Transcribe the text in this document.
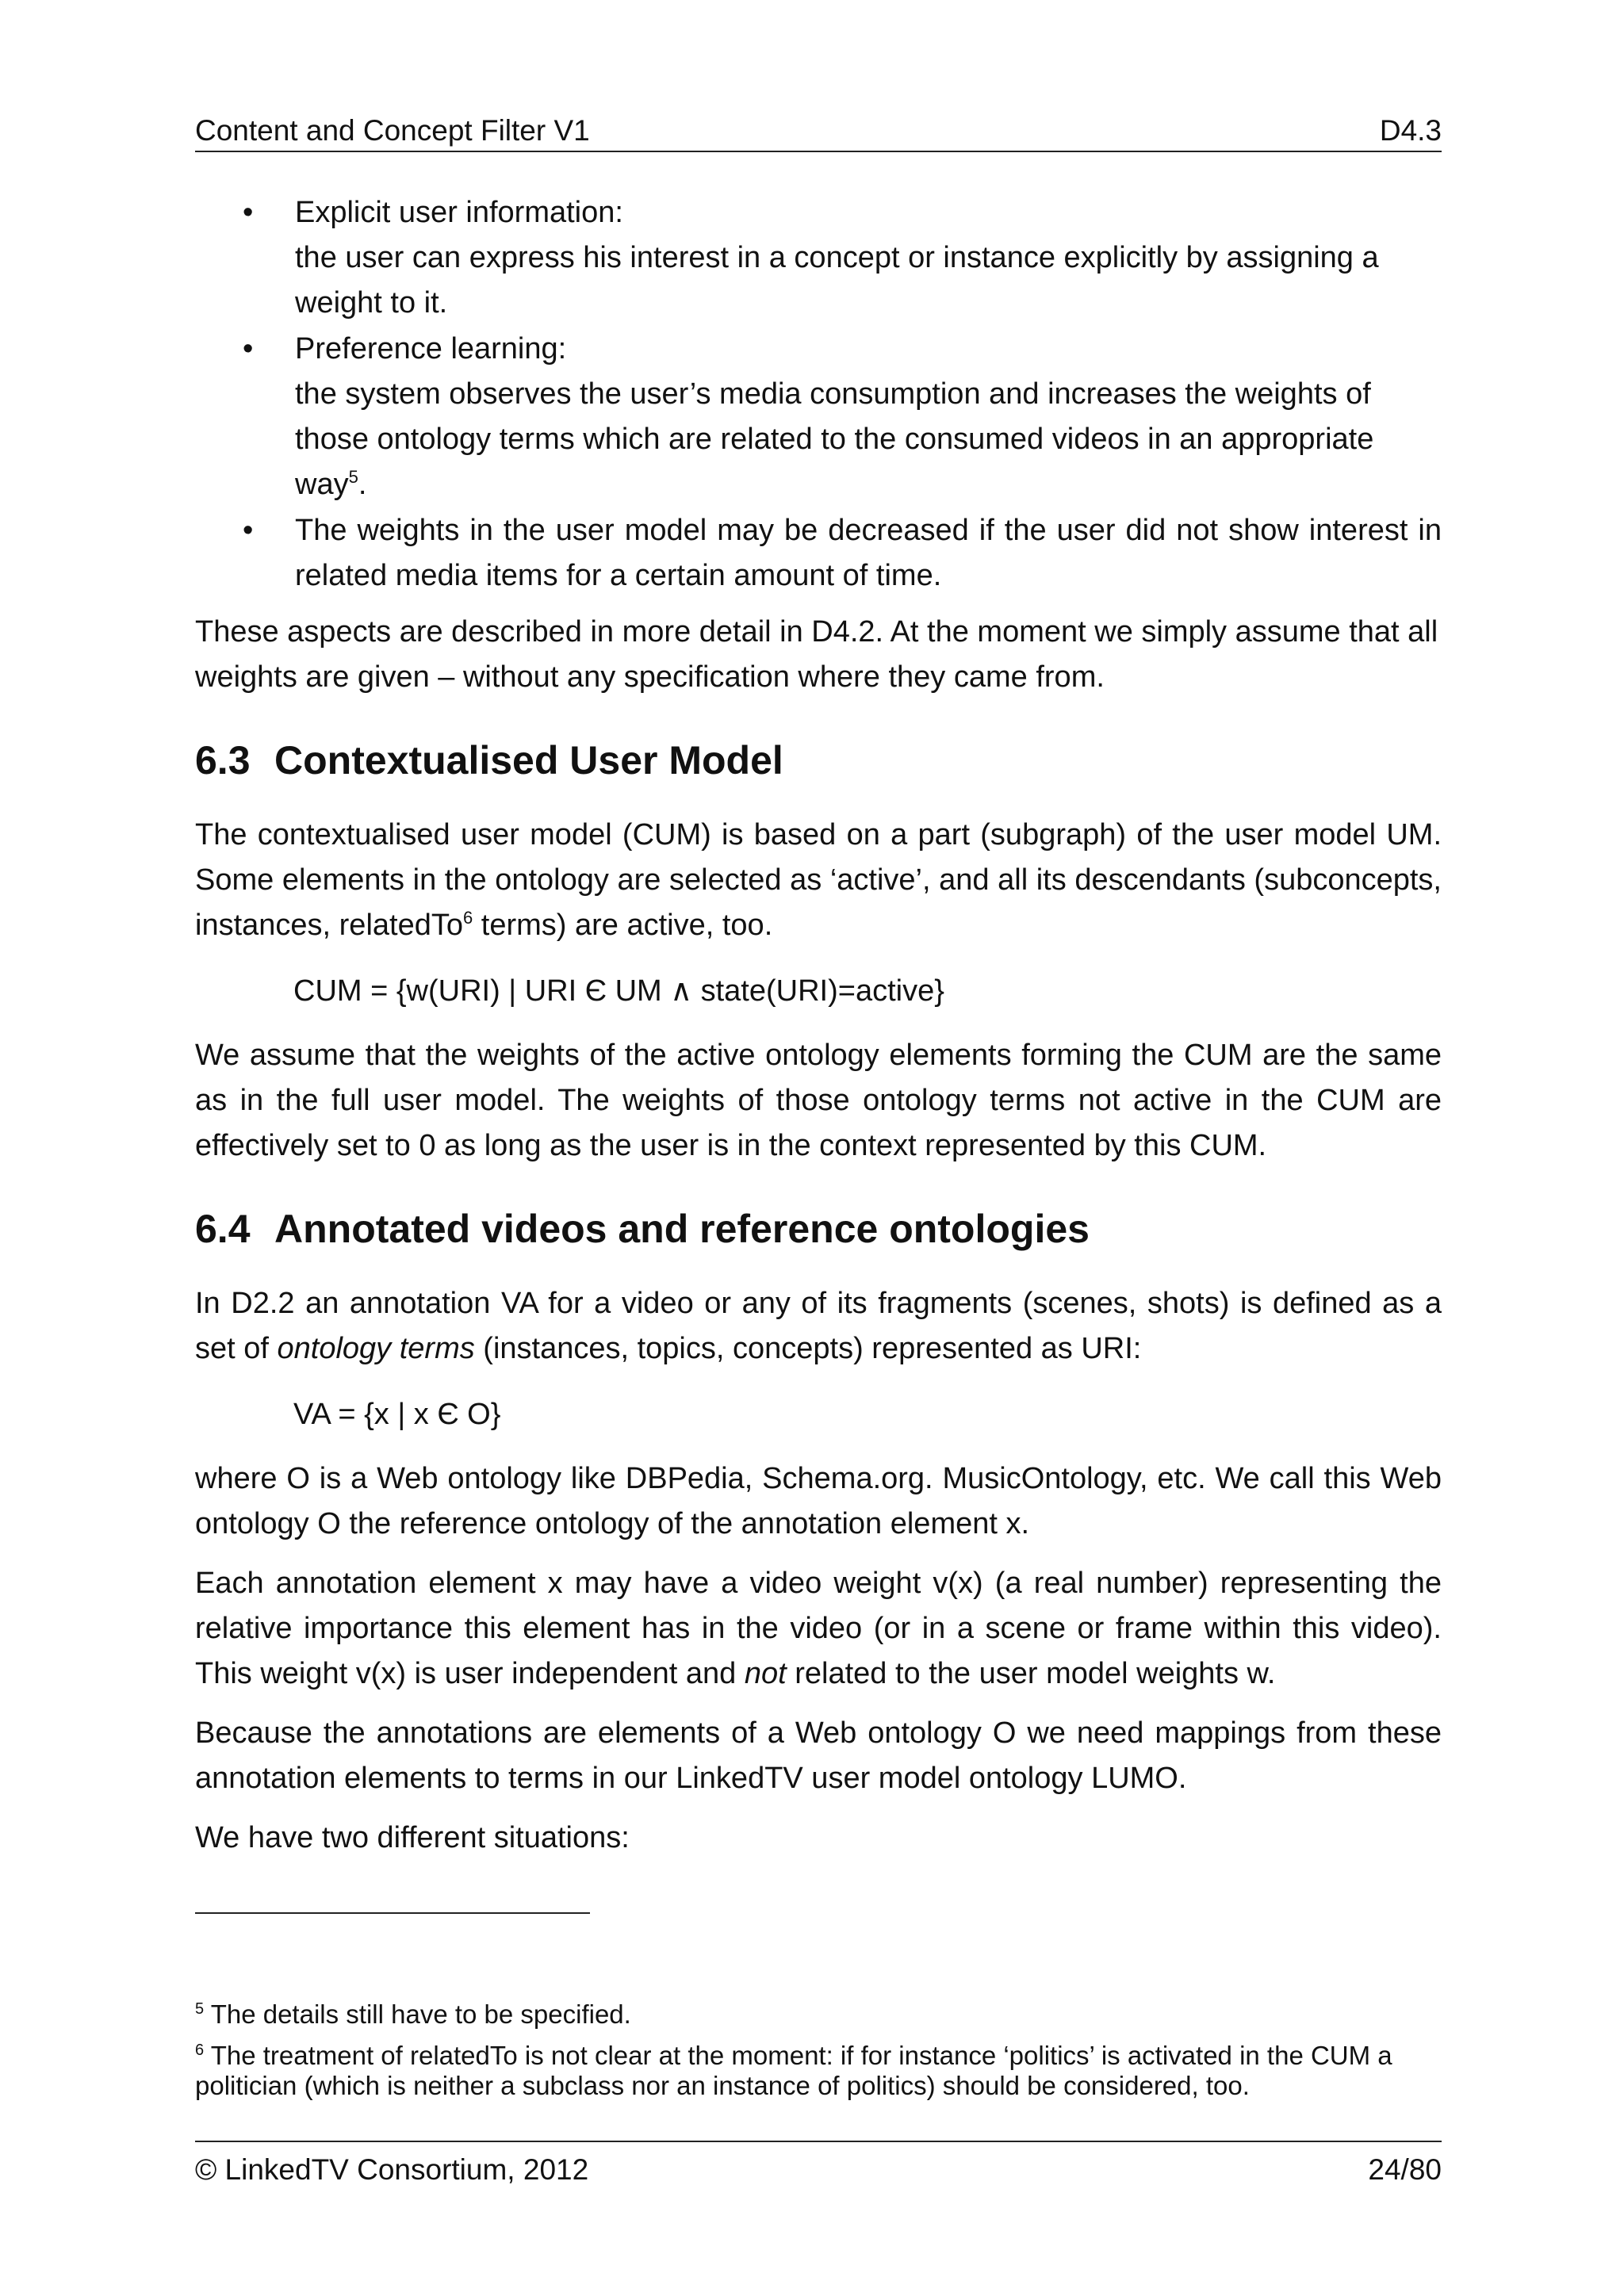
Content and Concept Filter V1	D4.3
• Explicit user information:
the user can express his interest in a concept or instance explicitly by assigning a weight to it.
• Preference learning:
the system observes the user’s media consumption and increases the weights of those ontology terms which are related to the consumed videos in an appropriate way$^5$.
• The weights in the user model may be decreased if the user did not show interest in related media items for a certain amount of time.

These aspects are described in more detail in D4.2. At the moment we simply assume that all weights are given – without any specification where they came from.

6.3 Contextualised User Model

The contextualised user model (CUM) is based on a part (subgraph) of the user model UM. Some elements in the ontology are selected as ‘active’, and all its descendants (subconcepts, instances, relatedTo$^6$ terms) are active, too.

CUM = {w(URI) | URI Є UM ∧ state(URI)=active}

We assume that the weights of the active ontology elements forming the CUM are the same as in the full user model. The weights of those ontology terms not active in the CUM are effectively set to 0 as long as the user is in the context represented by this CUM.

6.4 Annotated videos and reference ontologies

In D2.2 an annotation VA for a video or any of its fragments (scenes, shots) is defined as a set of ontology terms (instances, topics, concepts) represented as URI:

VA = {x | x Є O}

where O is a Web ontology like DBPedia, Schema.org. MusicOntology, etc. We call this Web ontology O the reference ontology of the annotation element x.

Each annotation element x may have a video weight v(x) (a real number) representing the relative importance this element has in the video (or in a scene or frame within this video). This weight v(x) is user independent and not related to the user model weights w.

Because the annotations are elements of a Web ontology O we need mappings from these annotation elements to terms in our LinkedTV user model ontology LUMO.

We have two different situations:

$^5$ The details still have to be specified.
$^6$ The treatment of relatedTo is not clear at the moment: if for instance ‘politics’ is activated in the CUM a politician (which is neither a subclass nor an instance of politics) should be considered, too.
© LinkedTV Consortium, 2012	24/80
